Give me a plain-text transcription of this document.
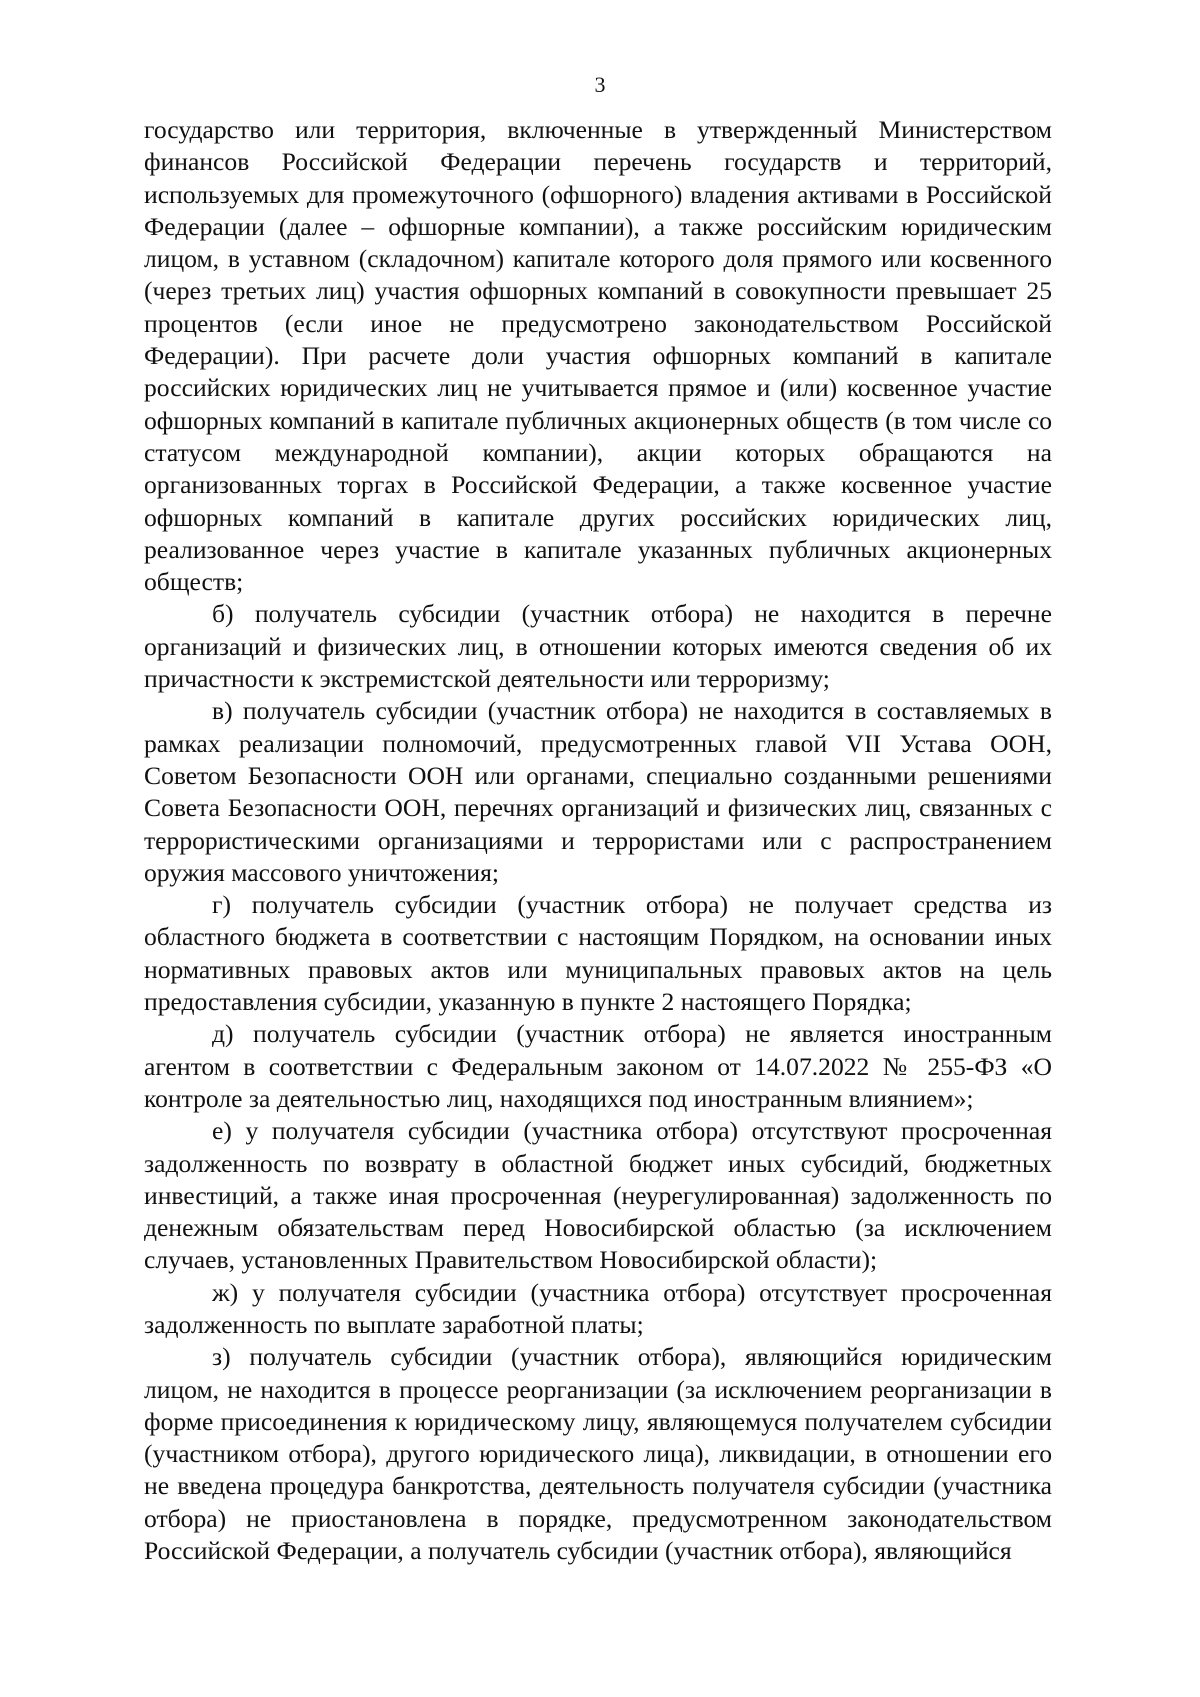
3

государство или территория, включенные в утвержденный Министерством финансов Российской Федерации перечень государств и территорий, используемых для промежуточного (офшорного) владения активами в Российской Федерации (далее – офшорные компании), а также российским юридическим лицом, в уставном (складочном) капитале которого доля прямого или косвенного (через третьих лиц) участия офшорных компаний в совокупности превышает 25 процентов (если иное не предусмотрено законодательством Российской Федерации). При расчете доли участия офшорных компаний в капитале российских юридических лиц не учитывается прямое и (или) косвенное участие офшорных компаний в капитале публичных акционерных обществ (в том числе со статусом международной компании), акции которых обращаются на организованных торгах в Российской Федерации, а также косвенное участие офшорных компаний в капитале других российских юридических лиц, реализованное через участие в капитале указанных публичных акционерных обществ;

б) получатель субсидии (участник отбора) не находится в перечне организаций и физических лиц, в отношении которых имеются сведения об их причастности к экстремистской деятельности или терроризму;

в) получатель субсидии (участник отбора) не находится в составляемых в рамках реализации полномочий, предусмотренных главой VII Устава ООН, Советом Безопасности ООН или органами, специально созданными решениями Совета Безопасности ООН, перечнях организаций и физических лиц, связанных с террористическими организациями и террористами или с распространением оружия массового уничтожения;

г) получатель субсидии (участник отбора) не получает средства из областного бюджета в соответствии с настоящим Порядком, на основании иных нормативных правовых актов или муниципальных правовых актов на цель предоставления субсидии, указанную в пункте 2 настоящего Порядка;

д) получатель субсидии (участник отбора) не является иностранным агентом в соответствии с Федеральным законом от 14.07.2022 № 255-ФЗ «О контроле за деятельностью лиц, находящихся под иностранным влиянием»;

е) у получателя субсидии (участника отбора) отсутствуют просроченная задолженность по возврату в областной бюджет иных субсидий, бюджетных инвестиций, а также иная просроченная (неурегулированная) задолженность по денежным обязательствам перед Новосибирской областью (за исключением случаев, установленных Правительством Новосибирской области);

ж) у получателя субсидии (участника отбора) отсутствует просроченная задолженность по выплате заработной платы;

з) получатель субсидии (участник отбора), являющийся юридическим лицом, не находится в процессе реорганизации (за исключением реорганизации в форме присоединения к юридическому лицу, являющемуся получателем субсидии (участником отбора), другого юридического лица), ликвидации, в отношении его не введена процедура банкротства, деятельность получателя субсидии (участника отбора) не приостановлена в порядке, предусмотренном законодательством Российской Федерации, а получатель субсидии (участник отбора), являющийся
